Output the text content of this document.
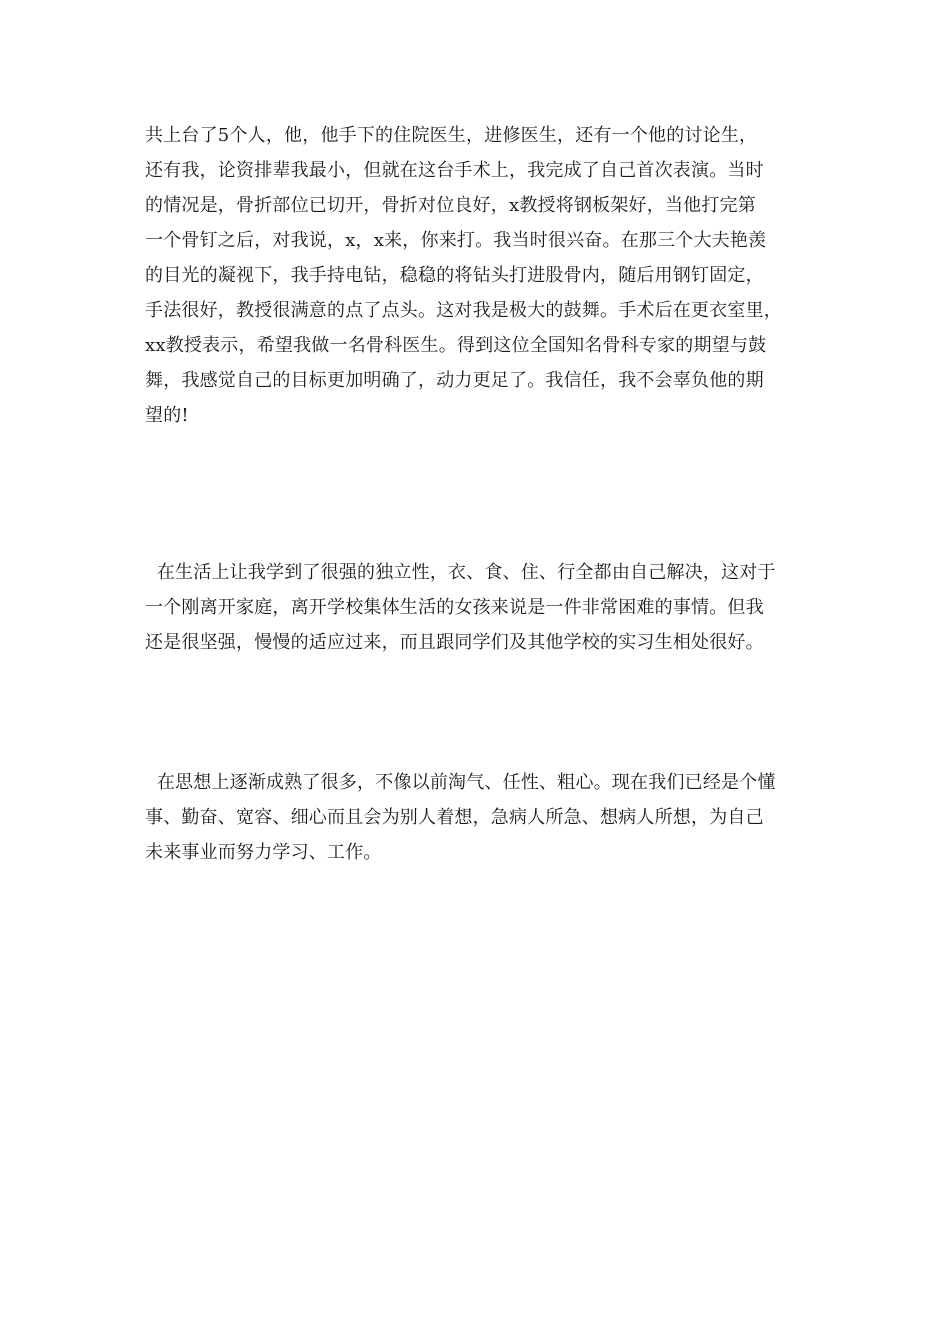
共上台了5个人，他，他手下的住院医生，进修医生，还有一个他的讨论生，
还有我，论资排辈我最小，但就在这台手术上，我完成了自己首次表演。当时
的情况是，骨折部位已切开，骨折对位良好，x教授将钢板架好，当他打完第
一个骨钉之后，对我说，x，x来，你来打。我当时很兴奋。在那三个大夫艳羡
的目光的凝视下，我手持电钻，稳稳的将钻头打进股骨内，随后用钢钉固定，
手法很好，教授很满意的点了点头。这对我是极大的鼓舞。手术后在更衣室里，
xx教授表示，希望我做一名骨科医生。得到这位全国知名骨科专家的期望与鼓
舞，我感觉自己的目标更加明确了，动力更足了。我信任，我不会辜负他的期
望的!
在生活上让我学到了很强的独立性，衣、食、住、行全都由自己解决，这对于
一个刚离开家庭，离开学校集体生活的女孩来说是一件非常困难的事情。但我
还是很坚强，慢慢的适应过来，而且跟同学们及其他学校的实习生相处很好。
在思想上逐渐成熟了很多，不像以前淘气、任性、粗心。现在我们已经是个懂
事、勤奋、宽容、细心而且会为别人着想，急病人所急、想病人所想，为自己
未来事业而努力学习、工作。
